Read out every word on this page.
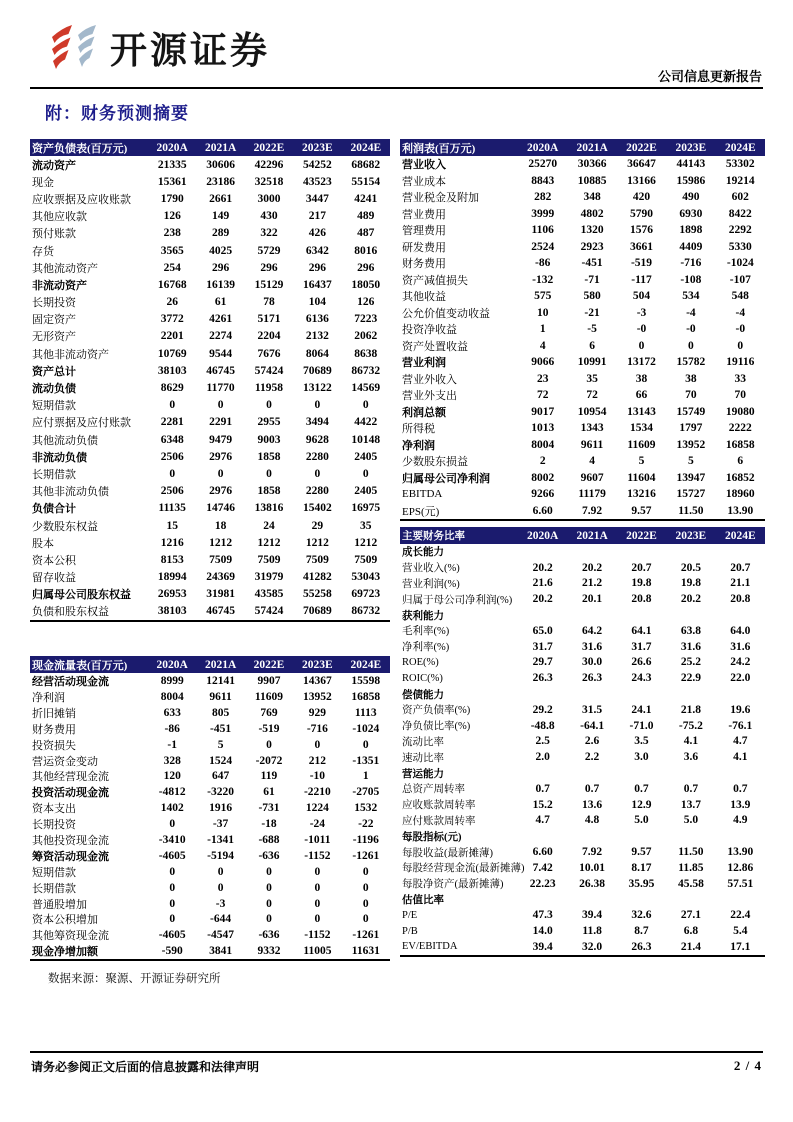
开源证券
公司信息更新报告
附：财务预测摘要
资产负债表(百万元)	2020A	2021A	2022E	2023E	2024E
流动资产	21335	30606	42296	54252	68682
现金	15361	23186	32518	43523	55154
应收票据及应收账款	1790	2661	3000	3447	4241
其他应收款	126	149	430	217	489
预付账款	238	289	322	426	487
存货	3565	4025	5729	6342	8016
其他流动资产	254	296	296	296	296
非流动资产	16768	16139	15129	16437	18050
长期投资	26	61	78	104	126
固定资产	3772	4261	5171	6136	7223
无形资产	2201	2274	2204	2132	2062
其他非流动资产	10769	9544	7676	8064	8638
资产总计	38103	46745	57424	70689	86732
流动负债	8629	11770	11958	13122	14569
短期借款	0	0	0	0	0
应付票据及应付账款	2281	2291	2955	3494	4422
其他流动负债	6348	9479	9003	9628	10148
非流动负债	2506	2976	1858	2280	2405
长期借款	0	0	0	0	0
其他非流动负债	2506	2976	1858	2280	2405
负债合计	11135	14746	13816	15402	16975
少数股东权益	15	18	24	29	35
股本	1216	1212	1212	1212	1212
资本公积	8153	7509	7509	7509	7509
留存收益	18994	24369	31979	41282	53043
归属母公司股东权益	26953	31981	43585	55258	69723
负债和股东权益	38103	46745	57424	70689	86732
现金流量表(百万元)	2020A	2021A	2022E	2023E	2024E
经营活动现金流	8999	12141	9907	14367	15598
净利润	8004	9611	11609	13952	16858
折旧摊销	633	805	769	929	1113
财务费用	-86	-451	-519	-716	-1024
投资损失	-1	5	0	0	0
营运资金变动	328	1524	-2072	212	-1351
其他经营现金流	120	647	119	-10	1
投资活动现金流	-4812	-3220	61	-2210	-2705
资本支出	1402	1916	-731	1224	1532
长期投资	0	-37	-18	-24	-22
其他投资现金流	-3410	-1341	-688	-1011	-1196
筹资活动现金流	-4605	-5194	-636	-1152	-1261
短期借款	0	0	0	0	0
长期借款	0	0	0	0	0
普通股增加	0	-3	0	0	0
资本公积增加	0	-644	0	0	0
其他筹资现金流	-4605	-4547	-636	-1152	-1261
现金净增加额	-590	3841	9332	11005	11631
数据来源：聚源、开源证券研究所
利润表(百万元)	2020A	2021A	2022E	2023E	2024E
营业收入	25270	30366	36647	44143	53302
营业成本	8843	10885	13166	15986	19214
营业税金及附加	282	348	420	490	602
营业费用	3999	4802	5790	6930	8422
管理费用	1106	1320	1576	1898	2292
研发费用	2524	2923	3661	4409	5330
财务费用	-86	-451	-519	-716	-1024
资产减值损失	-132	-71	-117	-108	-107
其他收益	575	580	504	534	548
公允价值变动收益	10	-21	-3	-4	-4
投资净收益	1	-5	-0	-0	-0
资产处置收益	4	6	0	0	0
营业利润	9066	10991	13172	15782	19116
营业外收入	23	35	38	38	33
营业外支出	72	72	66	70	70
利润总额	9017	10954	13143	15749	19080
所得税	1013	1343	1534	1797	2222
净利润	8004	9611	11609	13952	16858
少数股东损益	2	4	5	5	6
归属母公司净利润	8002	9607	11604	13947	16852
EBITDA	9266	11179	13216	15727	18960
EPS(元)	6.60	7.92	9.57	11.50	13.90
主要财务比率	2020A	2021A	2022E	2023E	2024E
成长能力
营业收入(%)	20.2	20.2	20.7	20.5	20.7
营业利润(%)	21.6	21.2	19.8	19.8	21.1
归属于母公司净利润(%)	20.2	20.1	20.8	20.2	20.8
获利能力
毛利率(%)	65.0	64.2	64.1	63.8	64.0
净利率(%)	31.7	31.6	31.7	31.6	31.6
ROE(%)	29.7	30.0	26.6	25.2	24.2
ROIC(%)	26.3	26.3	24.3	22.9	22.0
偿债能力
资产负债率(%)	29.2	31.5	24.1	21.8	19.6
净负债比率(%)	-48.8	-64.1	-71.0	-75.2	-76.1
流动比率	2.5	2.6	3.5	4.1	4.7
速动比率	2.0	2.2	3.0	3.6	4.1
营运能力
总资产周转率	0.7	0.7	0.7	0.7	0.7
应收账款周转率	15.2	13.6	12.9	13.7	13.9
应付账款周转率	4.7	4.8	5.0	5.0	4.9
每股指标(元)
每股收益(最新摊薄)	6.60	7.92	9.57	11.50	13.90
每股经营现金流(最新摊薄) 7.42	10.01	8.17	11.85	12.86
每股净资产(最新摊薄)	22.23	26.38	35.95	45.58	57.51
估值比率
P/E	47.3	39.4	32.6	27.1	22.4
P/B	14.0	11.8	8.7	6.8	5.4
EV/EBITDA	39.4	32.0	26.3	21.4	17.1
请务必参阅正文后面的信息披露和法律声明	2 / 4
